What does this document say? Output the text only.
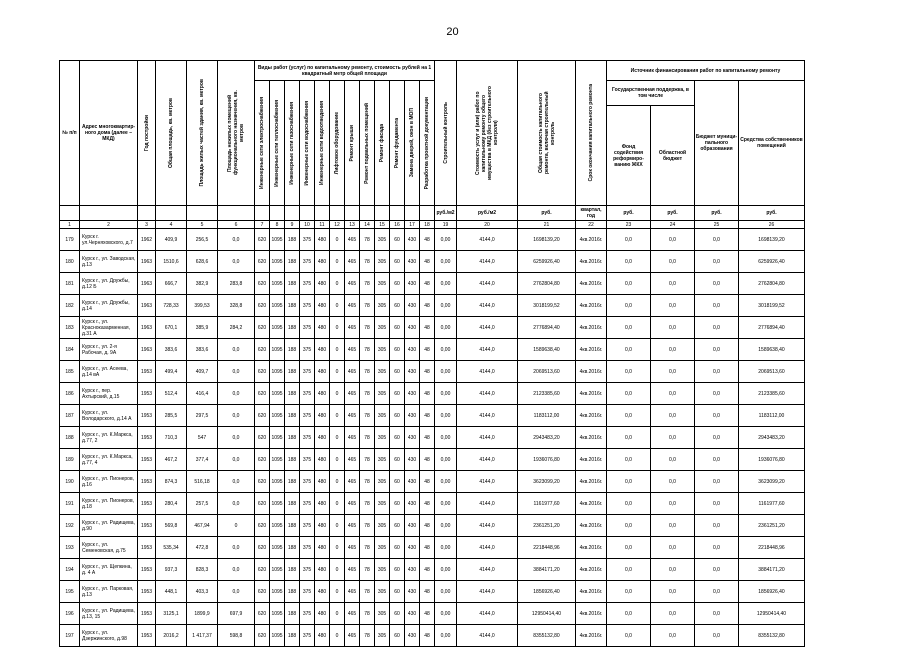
20
№ п/п	Адрес многоквартир-ного дома (далее – МКД)	Год постройки	Общая площадь, кв. метров	Площадь жилых частей здания, кв. метров	Площадь нежилых помещений функционального назначения, кв. метров	Виды работ (услуг) по капитальному ремонту, стоимость рублей на 1 квадратный метр общей площади												Строительный контроль	Стоимость услуг и (или) работ по капитальному ремонту общего имущества в МКД (без строительного контроля)	Общая стоимость капитального ремонта, включая строительный контроль	Срок окончания капитального ремонта	Источник финансирования работ по капитальному ремонту			

						Инженерные сети электроснабжения	Инженерные сети теплоснабжения	Инженерные сети газоснабжения	Инженерные сети водоснабжения	Инженерные сети водоотведения	Лифтовое оборудование	Ремонт крыши	Ремонт подвальных помещений	Ремонт фасада	Ремонт фундамента	Замена дверей, окон в МОП	Разработка проектной документации					Государственная поддержка, в том числе		Бюджет муници-пального образования	Средства собственников помещений
																						Фонд содействия реформиро-ванию ЖКХ	Областной бюджет		
																		руб./м2	руб./м2	руб.	квартал, год	руб.	руб.	руб.	руб.
1	2	3	4	5	6	7	8	9	10	11	12	13	14	15	16	17	18	19	20	21	22	23	24	25	26
179	Курск г. ул.Черняховского, д.7	1962	409,9	256,5	0,0	620	1095	188	375	480	0	465	78	305	60	430	48	0,00	4144,0	1698139,20	4кв.2016г.	0,0	0,0	0,0	1698139,20
180	Курск г., ул. Заводская, д.13	1963	1510,6	628,6	0,0	620	1095	188	375	480	0	465	78	305	60	430	48	0,00	4144,0	6259926,40	4кв.2016г.	0,0	0,0	0,0	6259926,40
181	Курск г., ул. Дружбы, д.12 Б	1963	666,7	382,9	283,8	620	1095	188	375	480	0	465	78	305	60	430	48	0,00	4144,0	2762804,80	4кв.2016г.	0,0	0,0	0,0	2762804,80
182	Курск г., ул. Дружбы, д.14	1963	728,33	399,53	328,8	620	1095	188	375	480	0	465	78	305	60	430	48	0,00	4144,0	3018199,52	4кв.2016г.	0,0	0,0	0,0	3018199,52
183	Курск г., ул. Красноказарменная, д.31 А	1963	670,1	385,9	284,2	620	1095	188	375	480	0	465	78	305	60	430	48	0,00	4144,0	2776894,40	4кв.2016г.	0,0	0,0	0,0	2776894,40
184	Курск г., ул. 2-я Рабочая, д. 9А	1963	383,6	383,6	0,0	620	1095	188	375	480	0	465	78	305	60	430	48	0,00	4144,0	1589638,40	4кв.2016г.	0,0	0,0	0,0	1589638,40
185	Курск г., ул. Асеева, д.14 вА	1953	499,4	409,7	0,0	620	1095	188	375	480	0	465	78	305	60	430	48	0,00	4144,0	2069513,60	4кв.2016г.	0,0	0,0	0,0	2069513,60
186	Курск г., пер. Ахтырский, д.15	1953	512,4	416,4	0,0	620	1095	188	375	480	0	465	78	305	60	430	48	0,00	4144,0	2123385,60	4кв.2016г.	0,0	0,0	0,0	2123385,60
187	Курск г., ул. Володарского, д.14 А	1953	285,5	297,5	0,0	620	1095	188	375	480	0	465	78	305	60	430	48	0,00	4144,0	1183112,00	4кв.2016г.	0,0	0,0	0,0	1183112,00
188	Курск г., ул. К.Маркса, д.77, 2	1953	710,3	547	0,0	620	1095	188	375	480	0	465	78	305	60	430	48	0,00	4144,0	2943483,20	4кв.2016г.	0,0	0,0	0,0	2943483,20
189	Курск г., ул. К.Маркса, д.77, 4	1953	467,2	377,4	0,0	620	1095	188	375	480	0	465	78	305	60	430	48	0,00	4144,0	1936076,80	4кв.2016г.	0,0	0,0	0,0	1936076,80
190	Курск г., ул. Пионеров, д.16	1953	874,3	516,18	0,0	620	1095	188	375	480	0	465	78	305	60	430	48	0,00	4144,0	3623099,20	4кв.2016г.	0,0	0,0	0,0	3623099,20
191	Курск г., ул. Пионеров, д.18	1953	280,4	257,5	0,0	620	1095	188	375	480	0	465	78	305	60	430	48	0,00	4144,0	1161977,60	4кв.2016г.	0,0	0,0	0,0	1161977,60
192	Курск г., ул. Радищева, д.90	1953	569,8	467,94	0	620	1095	188	375	480	0	465	78	305	60	430	48	0,00	4144,0	2361251,20	4кв.2016г.	0,0	0,0	0,0	2361251,20
193	Курск г., ул. Семеновская, д.75	1953	535,34	472,8	0,0	620	1095	188	375	480	0	465	78	305	60	430	48	0,00	4144,0	2218448,96	4кв.2016г.	0,0	0,0	0,0	2218448,96
194	Курск г., ул. Щепкина, д. 4 А	1953	937,3	828,3	0,0	620	1095	188	375	480	0	465	78	305	60	430	48	0,00	4144,0	3884171,20	4кв.2016г.	0,0	0,0	0,0	3884171,20
195	Курск г., ул. Парковая, д.13	1953	448,1	403,3	0,0	620	1095	188	375	480	0	465	78	305	60	430	48	0,00	4144,0	1856926,40	4кв.2016г.	0,0	0,0	0,0	1856926,40
196	Курск г., ул. Радищева, д.13, 15	1953	3125,1	1899,9	697,9	620	1095	188	375	480	0	465	78	305	60	430	48	0,00	4144,0	12950414,40	4кв.2016г.	0,0	0,0	0,0	12950414,40
197	Курск г., ул. Дзержинского, д.98	1953	2016,2	1 417,37	598,8	620	1095	188	375	480	0	465	78	305	60	430	48	0,00	4144,0	8355132,80	4кв.2016г.	0,0	0,0	0,0	8355132,80
